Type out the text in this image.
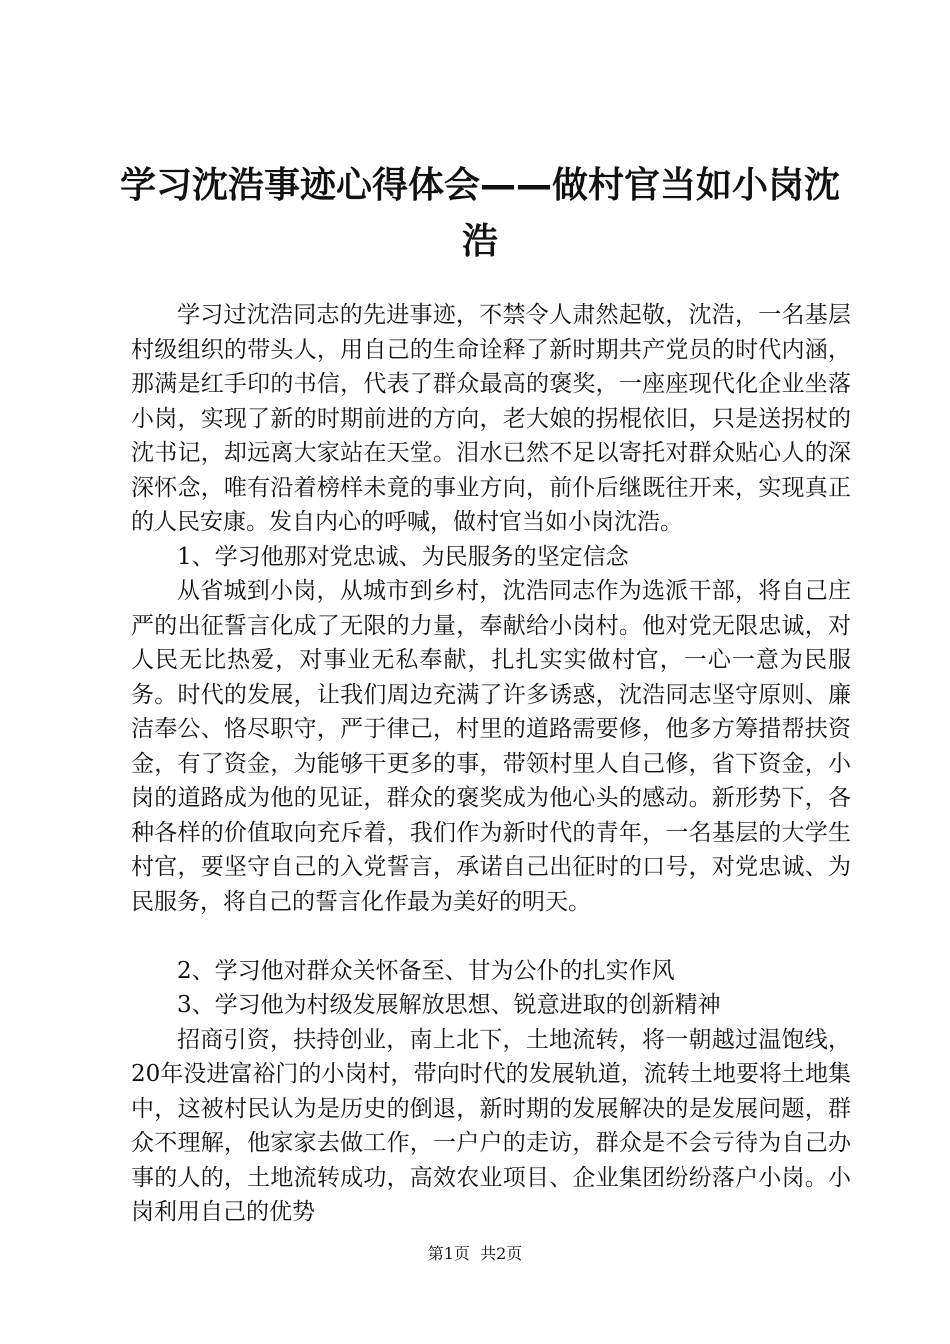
学习沈浩事迹心得体会——做村官当如小岗沈
浩

学习过沈浩同志的先进事迹，不禁令人肃然起敬，沈浩，一名基层村级组织的带头人，用自己的生命诠释了新时期共产党员的时代内涵，那满是红手印的书信，代表了群众最高的褒奖，一座座现代化企业坐落小岗，实现了新的时期前进的方向，老大娘的拐棍依旧，只是送拐杖的沈书记，却远离大家站在天堂。泪水已然不足以寄托对群众贴心人的深深怀念，唯有沿着榜样未竟的事业方向，前仆后继既往开来，实现真正的人民安康。发自内心的呼喊，做村官当如小岗沈浩。

1、学习他那对党忠诚、为民服务的坚定信念

从省城到小岗，从城市到乡村，沈浩同志作为选派干部，将自己庄严的出征誓言化成了无限的力量，奉献给小岗村。他对党无限忠诚，对人民无比热爱，对事业无私奉献，扎扎实实做村官，一心一意为民服务。时代的发展，让我们周边充满了许多诱惑，沈浩同志坚守原则、廉洁奉公、恪尽职守，严于律己，村里的道路需要修，他多方筹措帮扶资金，有了资金，为能够干更多的事，带领村里人自己修，省下资金，小岗的道路成为他的见证，群众的褒奖成为他心头的感动。新形势下，各种各样的价值取向充斥着，我们作为新时代的青年，一名基层的大学生村官，要坚守自己的入党誓言，承诺自己出征时的口号，对党忠诚、为民服务，将自己的誓言化作最为美好的明天。

2、学习他对群众关怀备至、甘为公仆的扎实作风

3、学习他为村级发展解放思想、锐意进取的创新精神

招商引资，扶持创业，南上北下，土地流转，将一朝越过温饱线，20年没进富裕门的小岗村，带向时代的发展轨道，流转土地要将土地集中，这被村民认为是历史的倒退，新时期的发展解决的是发展问题，群众不理解，他家家去做工作，一户户的走访，群众是不会亏待为自己办事的人的，土地流转成功，高效农业项目、企业集团纷纷落户小岗。小岗利用自己的优势

第1页  共2页
